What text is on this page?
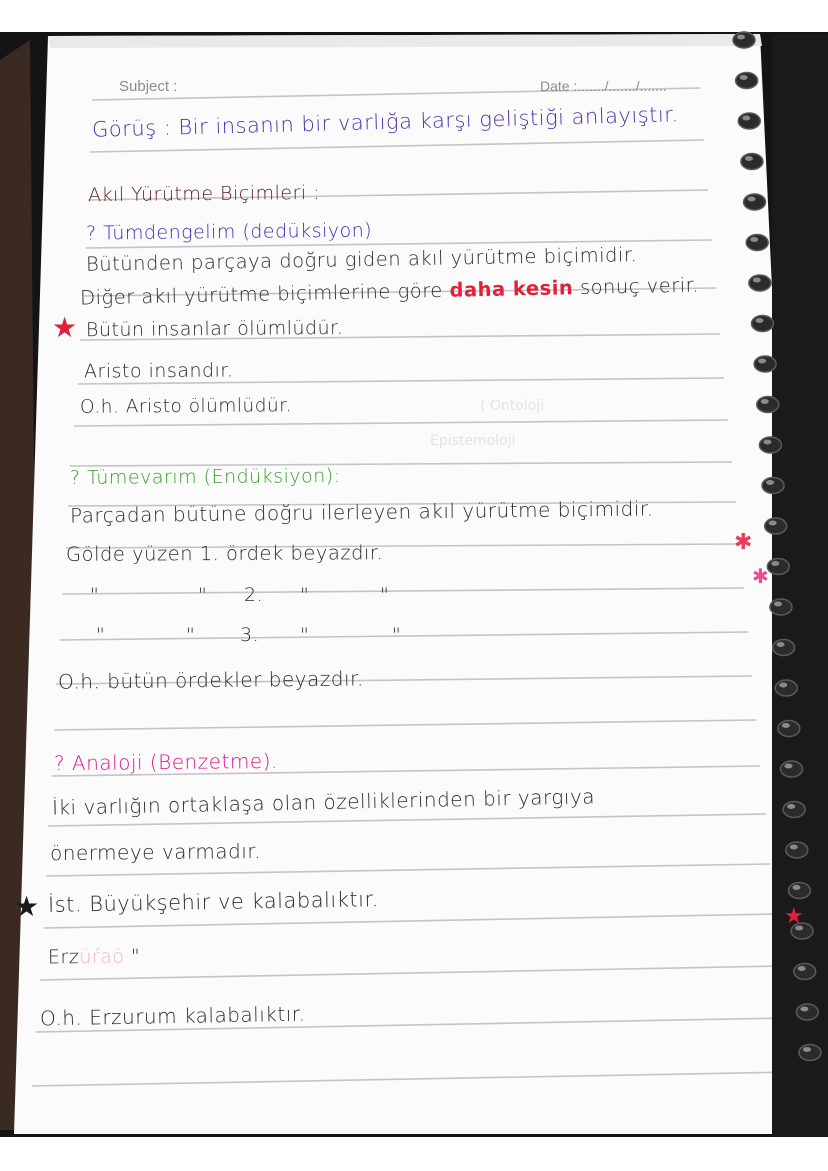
( Ontoloji
Epistemoloji
Subject :	Date :......./......./.......
Görüş : Bir insanın bir varlığa karşı geliştiği anlayıştır.
Akıl Yürütme Biçimleri :
? Tümdengelim (dedüksiyon)
Bütünden parçaya doğru giden akıl yürütme biçimidir.
Diğer akıl yürütme biçimlerine göre daha kesin sonuç verir.
★ Bütün insanlar ölümlüdür.
Aristo insandır.
O.h. Aristo ölümlüdür.
? Tümevarım (Endüksiyon):
Parçadan bütüne doğru ilerleyen akıl yürütme biçimidir.
Gölde yüzen 1. ördek beyazdır.	✱
✱
"	" 2. "	"
"	" 3. "	"
O.h. bütün ördekler beyazdır.
? Analoji (Benzetme).
İki varlığın ortaklaşa olan özelliklerinden bir yargıya
önermeye varmadır.
★ İst. Büyükşehir ve kalabalıktır.	★
Erzüŕaö "
O.h. Erzurum kalabalıktır.
